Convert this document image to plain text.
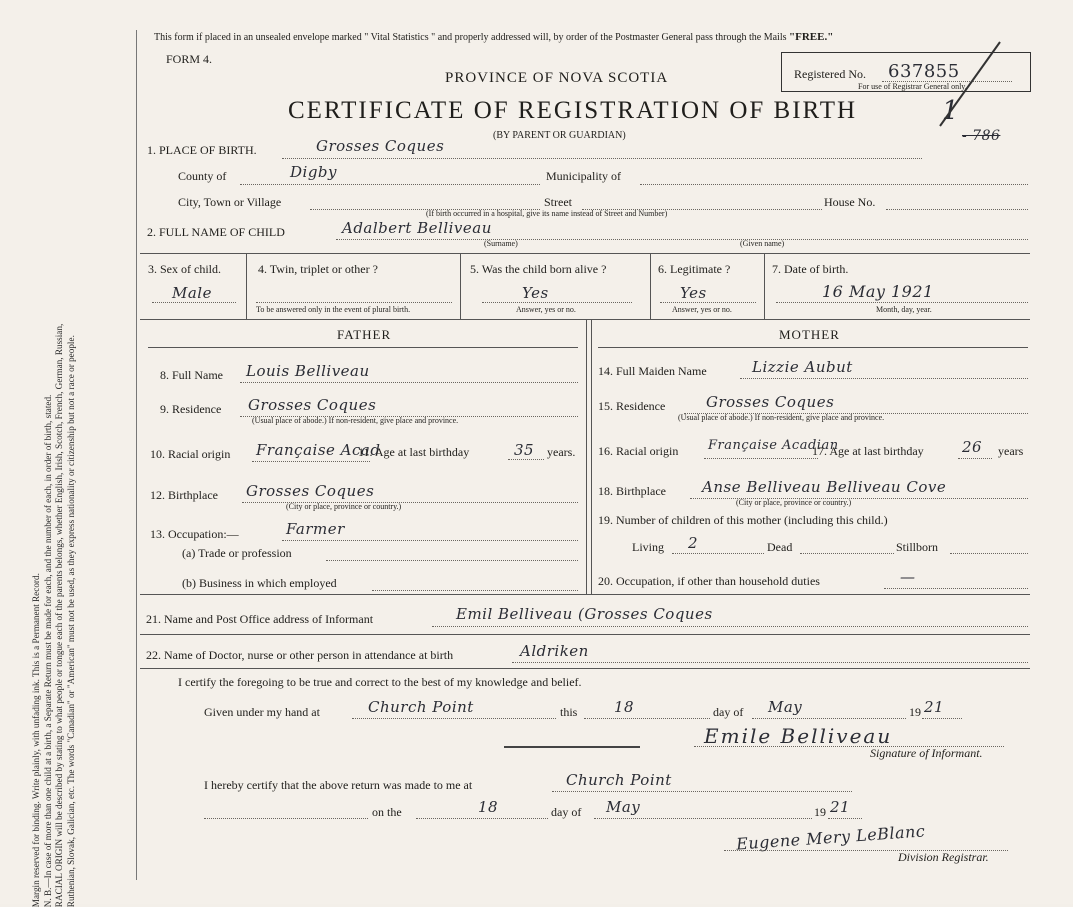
Margin reserved for binding. Write plainly, with unfading ink. This is a Permanent Record. N. B.—In case of more than one child at a birth, a Separate Return must be made for each, and the number of each, in order of birth, stated. RACIAL ORIGIN will be described by stating to what people or tongue each of the parents belongs, whether English, Irish, Scotch, French, German, Russian, Ruthenian, Slovak, Galician, etc. The words "Canadian" or "American" must not be used, as they express nationality or citizenship but not a race or people.
This form if placed in an unsealed envelope marked " Vital Statistics " and properly addressed will, by order of the Postmaster General pass through the Mails "FREE."
FORM 4.
Registered No. 637855
For use of Registrar General only.
1
- 786
PROVINCE OF NOVA SCOTIA
CERTIFICATE OF REGISTRATION OF BIRTH
(BY PARENT OR GUARDIAN)
1. PLACE OF BIRTH.	Grosses Coques
County of	Digby	Municipality of
City, Town or Village	Street	House No.
(If birth occurred in a hospital, give its name instead of Street and Number)
2. FULL NAME OF CHILD	Adalbert Belliveau
(Surname)	(Given name)
3. Sex of child.
Male
4. Twin, triplet or other ?
To be answered only in the event of plural birth.
5. Was the child born alive ?
Yes
Answer, yes or no.
6. Legitimate ?
Yes
Answer, yes or no.
7. Date of birth.
16 May 1921
Month, day, year.
FATHER	MOTHER
8. Full Name Louis Belliveau
9. Residence Grosses Coques
(Usual place of abode.) If non-resident, give place and province.
10. Racial origin Française Acad
11. Age at last birthday	35 years.
12. Birthplace Grosses Coques
(City or place, province or country.)
13. Occupation:—	Farmer
(a) Trade or profession
(b) Business in which employed
14. Full Maiden Name	Lizzie Aubut
15. Residence	Grosses Coques
(Usual place of abode.) If non-resident, give place and province.
16. Racial origin Française Acadian
17. Age at last birthday	26 years
18. Birthplace Anse Belliveau Belliveau Cove
(City or place, province or country.)
19. Number of children of this mother (including this child.)
Living 2	Dead	Stillborn
20. Occupation, if other than household duties	—
21. Name and Post Office address of Informant	Emil Belliveau (Grosses Coques
22. Name of Doctor, nurse or other person in attendance at birth	Aldriken
I certify the foregoing to be true and correct to the best of my knowledge and belief.
Given under my hand at	Church Point	this 18	day of May	19 21
Emile Belliveau
Signature of Informant.
I hereby certify that the above return was made to me at	Church Point
on the	18	day of May	19 21
Eugene Mery LeBlanc
Division Registrar.
